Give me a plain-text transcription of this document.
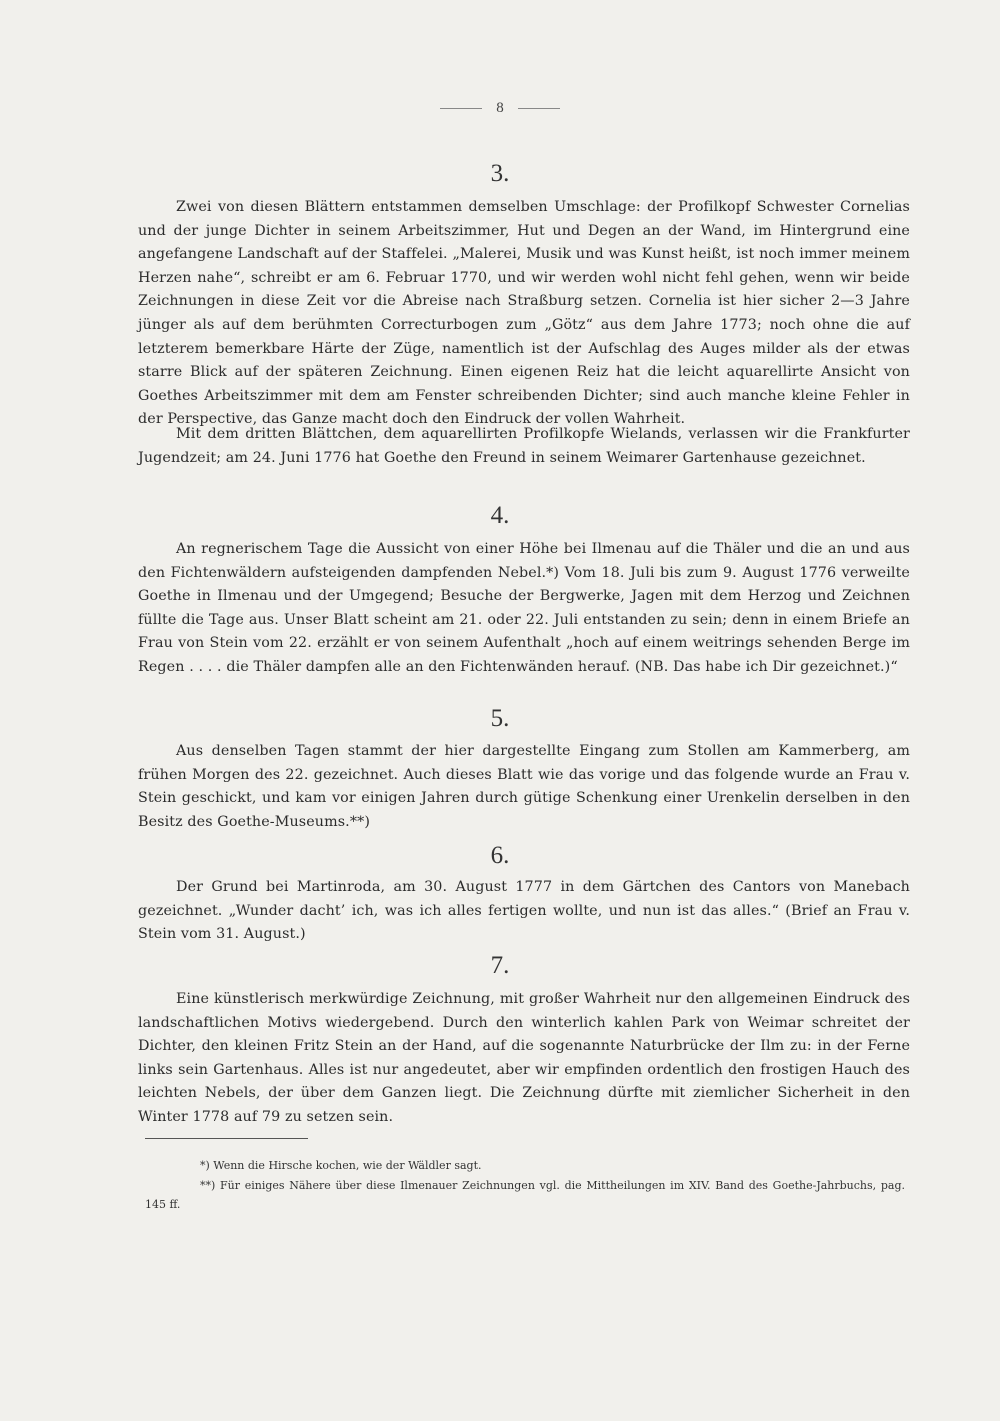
8
3.

Zwei von diesen Blättern entstammen demselben Umschlage: der Profilkopf Schwester Cornelias und der junge Dichter in seinem Arbeitszimmer, Hut und Degen an der Wand, im Hintergrund eine angefangene Landschaft auf der Staffelei. „Malerei, Musik und was Kunst heißt, ist noch immer meinem Herzen nahe“, schreibt er am 6. Februar 1770, und wir werden wohl nicht fehl gehen, wenn wir beide Zeichnungen in diese Zeit vor die Abreise nach Straßburg setzen. Cornelia ist hier sicher 2—3 Jahre jünger als auf dem berühmten Correcturbogen zum „Götz“ aus dem Jahre 1773; noch ohne die auf letzterem bemerkbare Härte der Züge, namentlich ist der Aufschlag des Auges milder als der etwas starre Blick auf der späteren Zeichnung. Einen eigenen Reiz hat die leicht aquarellirte Ansicht von Goethes Arbeitszimmer mit dem am Fenster schreibenden Dichter; sind auch manche kleine Fehler in der Perspective, das Ganze macht doch den Eindruck der vollen Wahrheit.

Mit dem dritten Blättchen, dem aquarellirten Profilkopfe Wielands, verlassen wir die Frankfurter Jugendzeit; am 24. Juni 1776 hat Goethe den Freund in seinem Weimarer Gartenhause gezeichnet.

4.

An regnerischem Tage die Aussicht von einer Höhe bei Ilmenau auf die Thäler und die an und aus den Fichtenwäldern aufsteigenden dampfenden Nebel.*) Vom 18. Juli bis zum 9. August 1776 verweilte Goethe in Ilmenau und der Umgegend; Besuche der Bergwerke, Jagen mit dem Herzog und Zeichnen füllte die Tage aus. Unser Blatt scheint am 21. oder 22. Juli entstanden zu sein; denn in einem Briefe an Frau von Stein vom 22. erzählt er von seinem Aufenthalt „hoch auf einem weitrings sehenden Berge im Regen . . . . die Thäler dampfen alle an den Fichtenwänden herauf. (NB. Das habe ich Dir gezeichnet.)“

5.

Aus denselben Tagen stammt der hier dargestellte Eingang zum Stollen am Kammerberg, am frühen Morgen des 22. gezeichnet. Auch dieses Blatt wie das vorige und das folgende wurde an Frau v. Stein geschickt, und kam vor einigen Jahren durch gütige Schenkung einer Urenkelin derselben in den Besitz des Goethe-Museums.**)

6.

Der Grund bei Martinroda, am 30. August 1777 in dem Gärtchen des Cantors von Manebach gezeichnet. „Wunder dacht’ ich, was ich alles fertigen wollte, und nun ist das alles.“ (Brief an Frau v. Stein vom 31. August.)

7.

Eine künstlerisch merkwürdige Zeichnung, mit großer Wahrheit nur den allgemeinen Eindruck des landschaftlichen Motivs wiedergebend. Durch den winterlich kahlen Park von Weimar schreitet der Dichter, den kleinen Fritz Stein an der Hand, auf die sogenannte Naturbrücke der Ilm zu: in der Ferne links sein Gartenhaus. Alles ist nur angedeutet, aber wir empfinden ordentlich den frostigen Hauch des leichten Nebels, der über dem Ganzen liegt. Die Zeichnung dürfte mit ziemlicher Sicherheit in den Winter 1778 auf 79 zu setzen sein.

*) Wenn die Hirsche kochen, wie der Wäldler sagt.

**) Für einiges Nähere über diese Ilmenauer Zeichnungen vgl. die Mittheilungen im XIV. Band des Goethe-Jahrbuchs, pag. 145 ff.
